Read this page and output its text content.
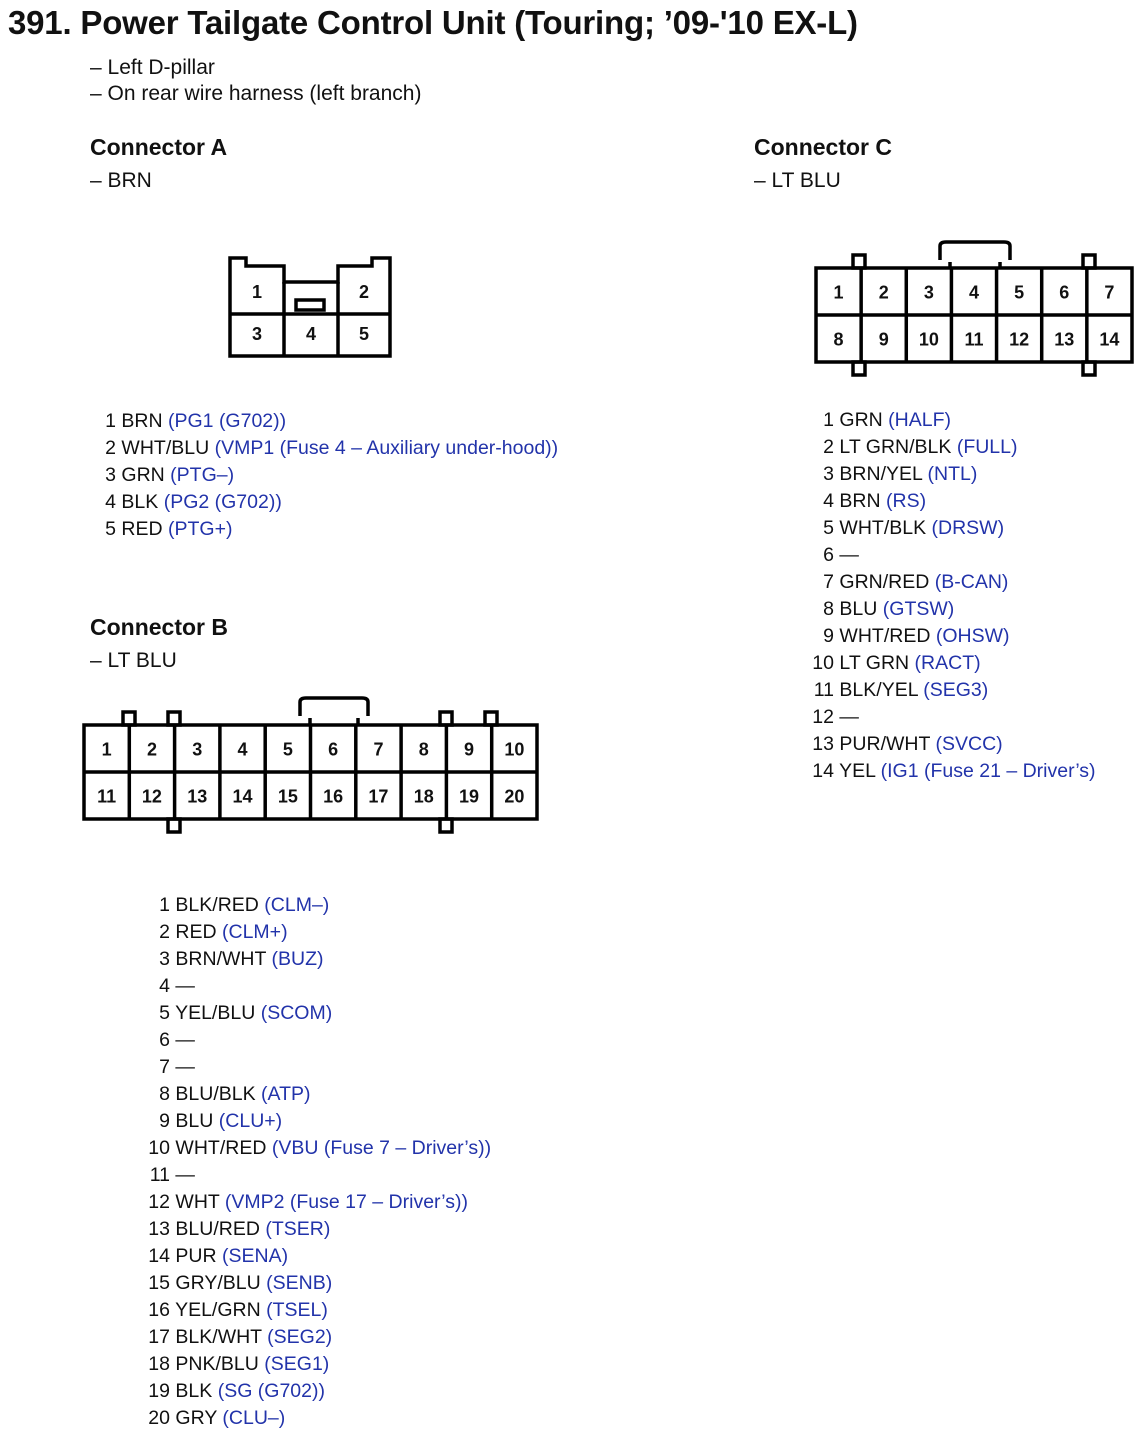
391. Power Tailgate Control Unit (Touring; ’09-'10 EX-L)
– Left D-pillar
– On rear wire harness (left branch)
Connector A
– BRN
1	2
3 4 5
1 BRN (PG1 (G702))
2 WHT/BLU (VMP1 (Fuse 4 – Auxiliary under-hood))
3 GRN (PTG–)
4 BLK (PG2 (G702))
5 RED (PTG+)
Connector B
– LT BLU
1 2 3 4 5 6 7 8 9 10
11 12 13 14 15 16 17 18 19 20
1 BLK/RED (CLM–)
2 RED (CLM+)
3 BRN/WHT (BUZ)
4 —
5 YEL/BLU (SCOM)
6 —
7 —
8 BLU/BLK (ATP)
9 BLU (CLU+)
10 WHT/RED (VBU (Fuse 7 – Driver’s))
11 —
12 WHT (VMP2 (Fuse 17 – Driver’s))
13 BLU/RED (TSER)
14 PUR (SENA)
15 GRY/BLU (SENB)
16 YEL/GRN (TSEL)
17 BLK/WHT (SEG2)
18 PNK/BLU (SEG1)
19 BLK (SG (G702))
20 GRY (CLU–)
Connector C
– LT BLU
1 2 3 4 5 6 7
8 9 10 11 12 13 14
1 GRN (HALF)
2 LT GRN/BLK (FULL)
3 BRN/YEL (NTL)
4 BRN (RS)
5 WHT/BLK (DRSW)
6 —
7 GRN/RED (B-CAN)
8 BLU (GTSW)
9 WHT/RED (OHSW)
10 LT GRN (RACT)
11 BLK/YEL (SEG3)
12 —
13 PUR/WHT (SVCC)
14 YEL (IG1 (Fuse 21 – Driver’s)
